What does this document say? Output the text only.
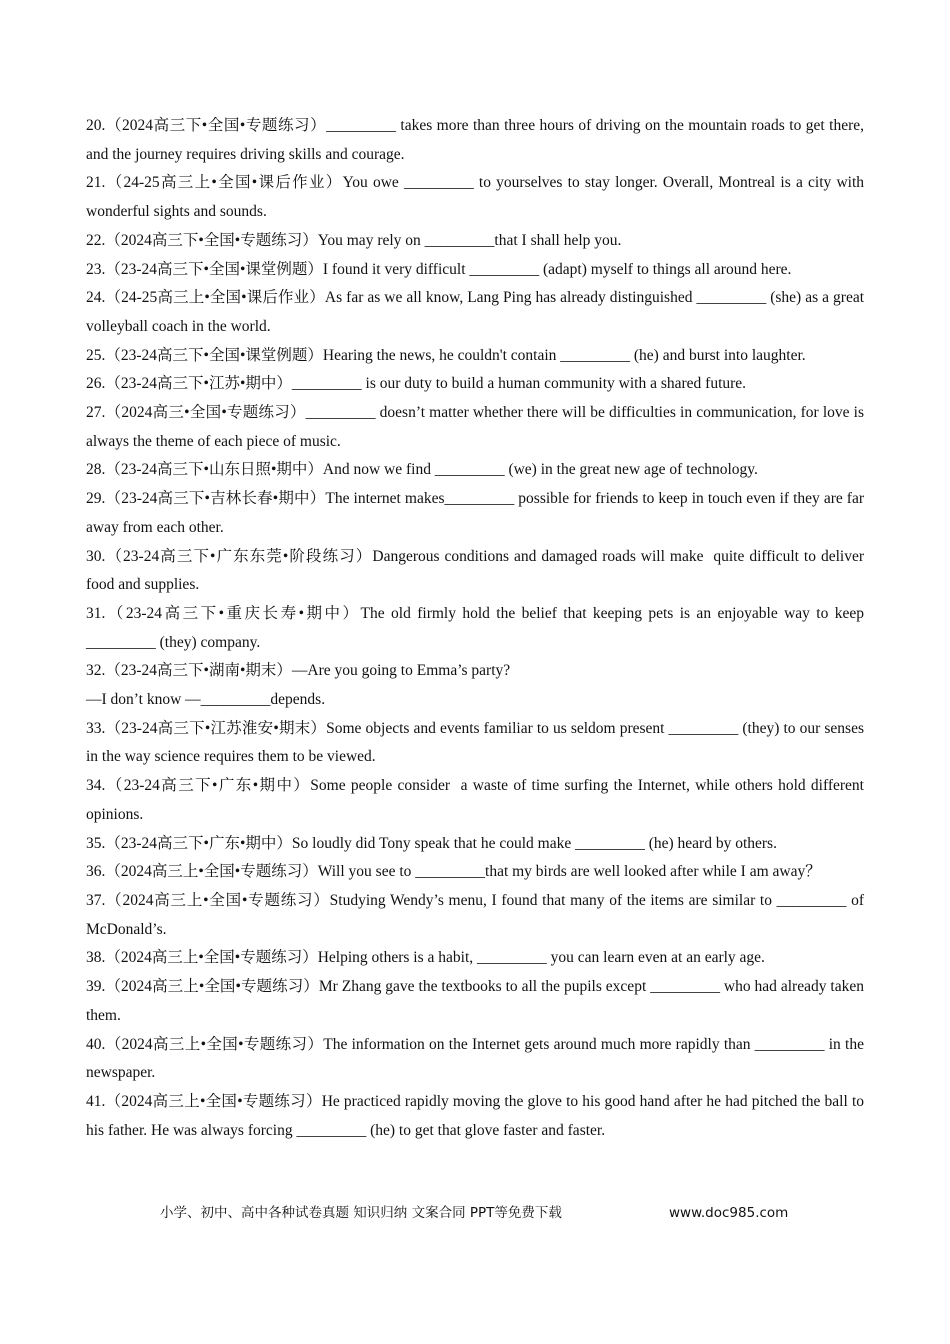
20.（2024高三下•全国•专题练习）_________ takes more than three hours of driving on the mountain roads to get there, and the journey requires driving skills and courage.

21.（24-25高三上•全国•课后作业）You owe _________ to yourselves to stay longer. Overall, Montreal is a city with wonderful sights and sounds.

22.（2024高三下•全国•专题练习）You may rely on _________that I shall help you.

23.（23-24高三下•全国•课堂例题）I found it very difficult _________ (adapt) myself to things all around here.

24.（24-25高三上•全国•课后作业）As far as we all know, Lang Ping has already distinguished _________ (she) as a great volleyball coach in the world.

25.（23-24高三下•全国•课堂例题）Hearing the news, he couldn't contain _________ (he) and burst into laughter.

26.（23-24高三下•江苏•期中）_________ is our duty to build a human community with a shared future.

27.（2024高三•全国•专题练习）_________ doesn’t matter whether there will be difficulties in communication, for love is always the theme of each piece of music.

28.（23-24高三下•山东日照•期中）And now we find _________ (we) in the great new age of technology.

29.（23-24高三下•吉林长春•期中）The internet makes_________ possible for friends to keep in touch even if they are far away from each other.

30.（23-24高三下•广东东莞•阶段练习）Dangerous conditions and damaged roads will make  quite difficult to deliver food and supplies.

31.（23-24高三下•重庆长寿•期中）The old firmly hold the belief that keeping pets is an enjoyable way to keep _________ (they) company.

32.（23-24高三下•湖南•期末）—Are you going to Emma’s party?
—I don’t know —_________depends.

33.（23-24高三下•江苏淮安•期末）Some objects and events familiar to us seldom present _________ (they) to our senses in the way science requires them to be viewed.

34.（23-24高三下•广东•期中）Some people consider  a waste of time surfing the Internet, while others hold different opinions.

35.（23-24高三下•广东•期中）So loudly did Tony speak that he could make _________ (he) heard by others.

36.（2024高三上•全国•专题练习）Will you see to _________that my birds are well looked after while I am away？

37.（2024高三上•全国•专题练习）Studying Wendy’s menu, I found that many of the items are similar to _________ of McDonald’s.

38.（2024高三上•全国•专题练习）Helping others is a habit, _________ you can learn even at an early age.

39.（2024高三上•全国•专题练习）Mr Zhang gave the textbooks to all the pupils except _________ who had already taken them.

40.（2024高三上•全国•专题练习）The information on the Internet gets around much more rapidly than _________ in the newspaper.

41.（2024高三上•全国•专题练习）He practiced rapidly moving the glove to his good hand after he had pitched the ball to his father. He was always forcing _________ (he) to get that glove faster and faster.

小学、初中、高中各种试卷真题 知识归纳 文案合同 PPT等免费下载	www.doc985.com
